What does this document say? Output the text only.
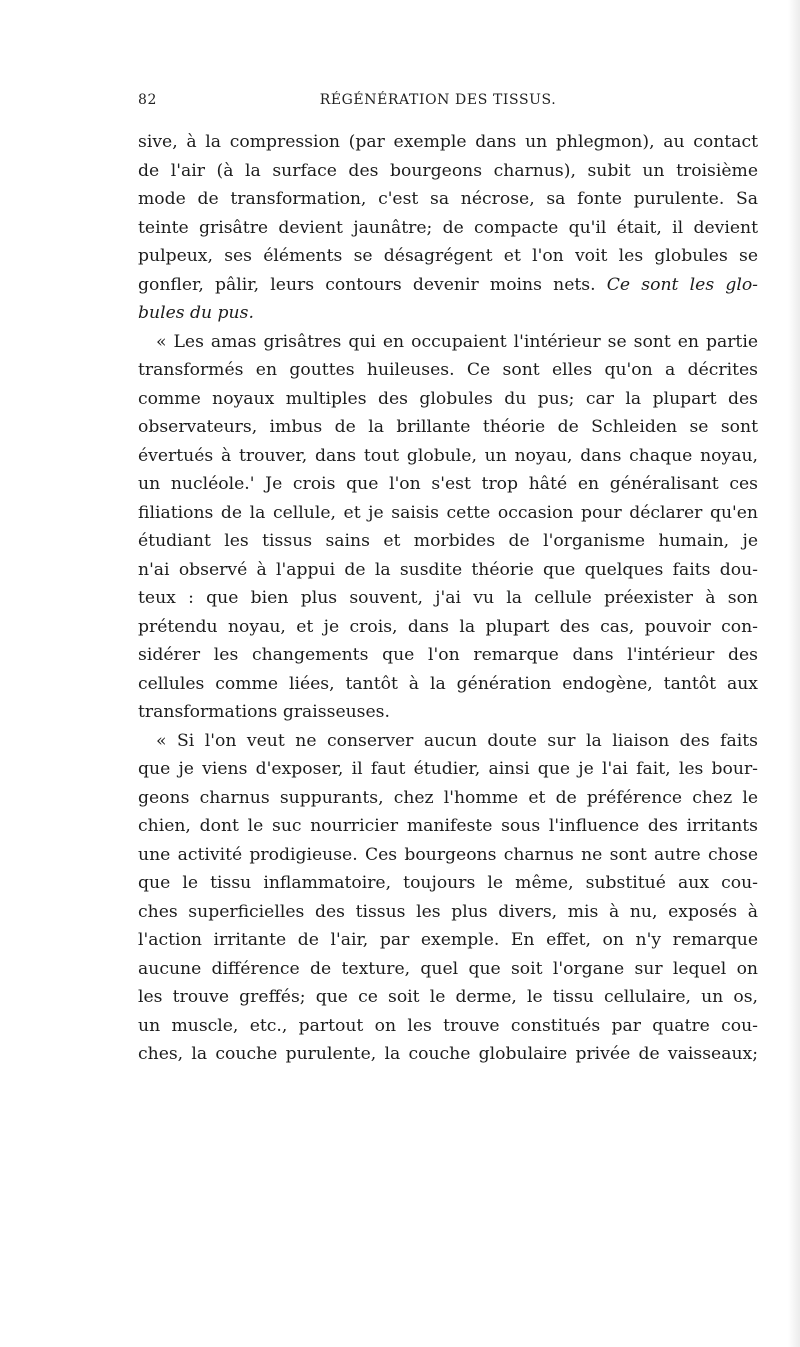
82	RÉGÉNÉRATION DES TISSUS.
sive, à la compression (par exemple dans un phlegmon), au contact
de l'air (à la surface des bourgeons charnus), subit un troisième
mode de transformation, c'est sa nécrose, sa fonte purulente. Sa
teinte grisâtre devient jaunâtre; de compacte qu'il était, il devient
pulpeux, ses éléments se désagrégent et l'on voit les globules se
gonfler, pâlir, leurs contours devenir moins nets. Ce sont les glo-
bules du pus.
« Les amas grisâtres qui en occupaient l'intérieur se sont en partie
transformés en gouttes huileuses. Ce sont elles qu'on a décrites
comme noyaux multiples des globules du pus; car la plupart des
observateurs, imbus de la brillante théorie de Schleiden se sont
évertués à trouver, dans tout globule, un noyau, dans chaque noyau,
un nucléole.' Je crois que l'on s'est trop hâté en généralisant ces
filiations de la cellule, et je saisis cette occasion pour déclarer qu'en
étudiant les tissus sains et morbides de l'organisme humain, je
n'ai observé à l'appui de la susdite théorie que quelques faits dou-
teux : que bien plus souvent, j'ai vu la cellule préexister à son
prétendu noyau, et je crois, dans la plupart des cas, pouvoir con-
sidérer les changements que l'on remarque dans l'intérieur des
cellules comme liées, tantôt à la génération endogène, tantôt aux
transformations graisseuses.
« Si l'on veut ne conserver aucun doute sur la liaison des faits
que je viens d'exposer, il faut étudier, ainsi que je l'ai fait, les bour-
geons charnus suppurants, chez l'homme et de préférence chez le
chien, dont le suc nourricier manifeste sous l'influence des irritants
une activité prodigieuse. Ces bourgeons charnus ne sont autre chose
que le tissu inflammatoire, toujours le même, substitué aux cou-
ches superficielles des tissus les plus divers, mis à nu, exposés à
l'action irritante de l'air, par exemple. En effet, on n'y remarque
aucune différence de texture, quel que soit l'organe sur lequel on
les trouve greffés; que ce soit le derme, le tissu cellulaire, un os,
un muscle, etc., partout on les trouve constitués par quatre cou-
ches, la couche purulente, la couche globulaire privée de vaisseaux;
